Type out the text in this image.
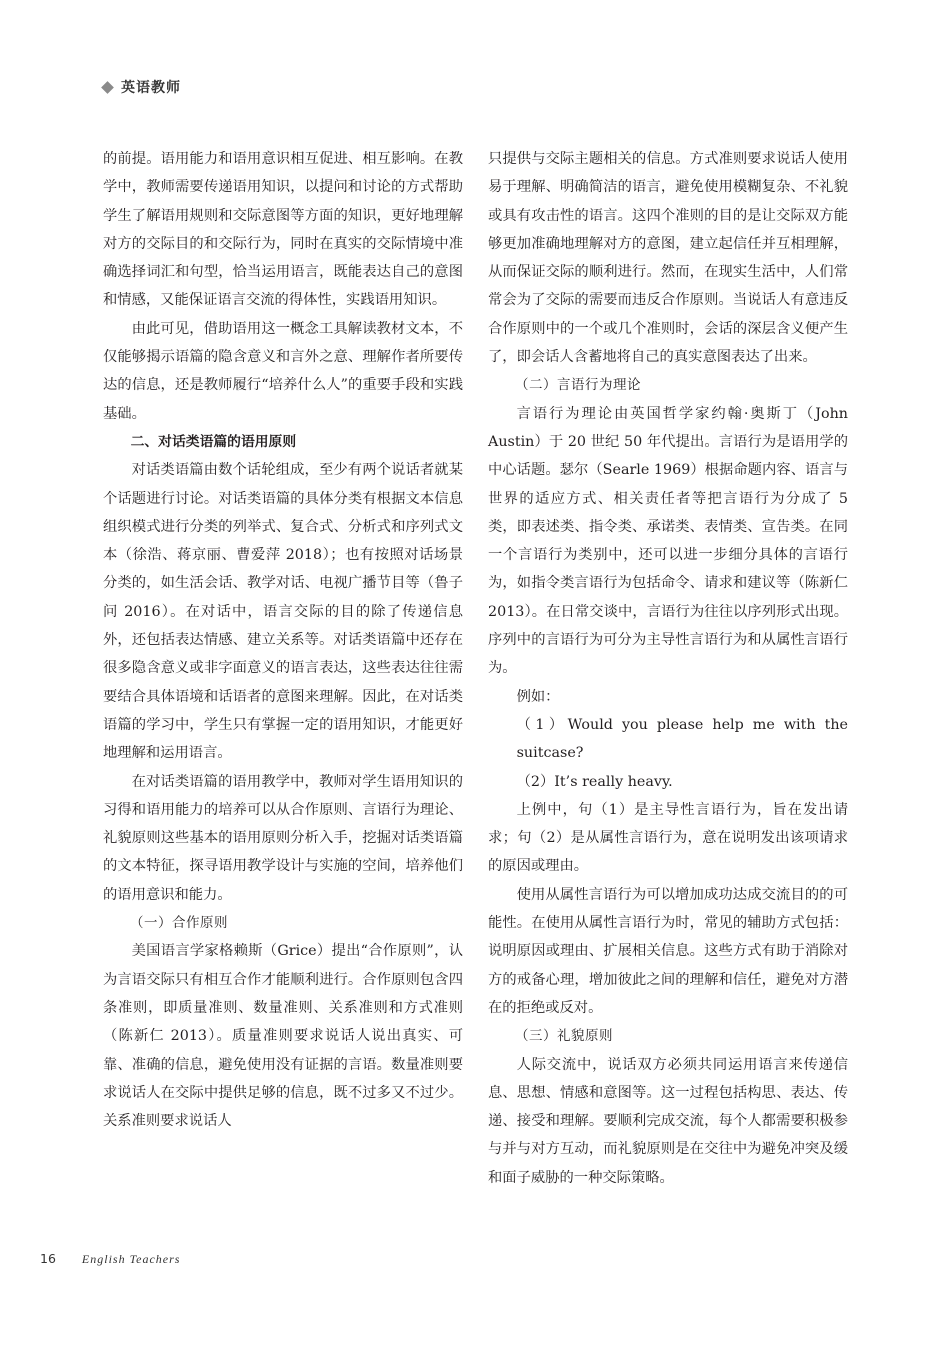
英语教师

的前提。语用能力和语用意识相互促进、相互影响。在教学中，教师需要传递语用知识，以提问和讨论的方式帮助学生了解语用规则和交际意图等方面的知识，更好地理解对方的交际目的和交际行为，同时在真实的交际情境中准确选择词汇和句型，恰当运用语言，既能表达自己的意图和情感，又能保证语言交流的得体性，实践语用知识。

由此可见，借助语用这一概念工具解读教材文本，不仅能够揭示语篇的隐含意义和言外之意、理解作者所要传达的信息，还是教师履行“培养什么人”的重要手段和实践基础。

二、对话类语篇的语用原则

对话类语篇由数个话轮组成，至少有两个说话者就某个话题进行讨论。对话类语篇的具体分类有根据文本信息组织模式进行分类的列举式、复合式、分析式和序列式文本（徐浩、蒋京丽、曹爱萍 2018）；也有按照对话场景分类的，如生活会话、教学对话、电视广播节目等（鲁子问 2016）。在对话中，语言交际的目的除了传递信息外，还包括表达情感、建立关系等。对话类语篇中还存在很多隐含意义或非字面意义的语言表达，这些表达往往需要结合具体语境和话语者的意图来理解。因此，在对话类语篇的学习中，学生只有掌握一定的语用知识，才能更好地理解和运用语言。

在对话类语篇的语用教学中，教师对学生语用知识的习得和语用能力的培养可以从合作原则、言语行为理论、礼貌原则这些基本的语用原则分析入手，挖掘对话类语篇的文本特征，探寻语用教学设计与实施的空间，培养他们的语用意识和能力。

（一）合作原则

美国语言学家格赖斯（Grice）提出“合作原则”，认为言语交际只有相互合作才能顺利进行。合作原则包含四条准则，即质量准则、数量准则、关系准则和方式准则（陈新仁 2013）。质量准则要求说话人说出真实、可靠、准确的信息，避免使用没有证据的言语。数量准则要求说话人在交际中提供足够的信息，既不过多又不过少。关系准则要求说话人

只提供与交际主题相关的信息。方式准则要求说话人使用易于理解、明确简洁的语言，避免使用模糊复杂、不礼貌或具有攻击性的语言。这四个准则的目的是让交际双方能够更加准确地理解对方的意图，建立起信任并互相理解，从而保证交际的顺利进行。然而，在现实生活中，人们常常会为了交际的需要而违反合作原则。当说话人有意违反合作原则中的一个或几个准则时，会话的深层含义便产生了，即会话人含蓄地将自己的真实意图表达了出来。

（二）言语行为理论

言语行为理论由英国哲学家约翰·奥斯丁（John Austin）于 20 世纪 50 年代提出。言语行为是语用学的中心话题。瑟尔（Searle 1969）根据命题内容、语言与世界的适应方式、相关责任者等把言语行为分成了 5 类，即表述类、指令类、承诺类、表情类、宣告类。在同一个言语行为类别中，还可以进一步细分具体的言语行为，如指令类言语行为包括命令、请求和建议等（陈新仁 2013）。在日常交谈中，言语行为往往以序列形式出现。序列中的言语行为可分为主导性言语行为和从属性言语行为。

例如：

（1）Would you please help me with the suitcase?

（2）It’s really heavy.

上例中，句（1）是主导性言语行为，旨在发出请求；句（2）是从属性言语行为，意在说明发出该项请求的原因或理由。

使用从属性言语行为可以增加成功达成交流目的的可能性。在使用从属性言语行为时，常见的辅助方式包括：说明原因或理由、扩展相关信息。这些方式有助于消除对方的戒备心理，增加彼此之间的理解和信任，避免对方潜在的拒绝或反对。

（三）礼貌原则

人际交流中，说话双方必须共同运用语言来传递信息、思想、情感和意图等。这一过程包括构思、表达、传递、接受和理解。要顺利完成交流，每个人都需要积极参与并与对方互动，而礼貌原则是在交往中为避免冲突及缓和面子威胁的一种交际策略。

16 English Teachers
